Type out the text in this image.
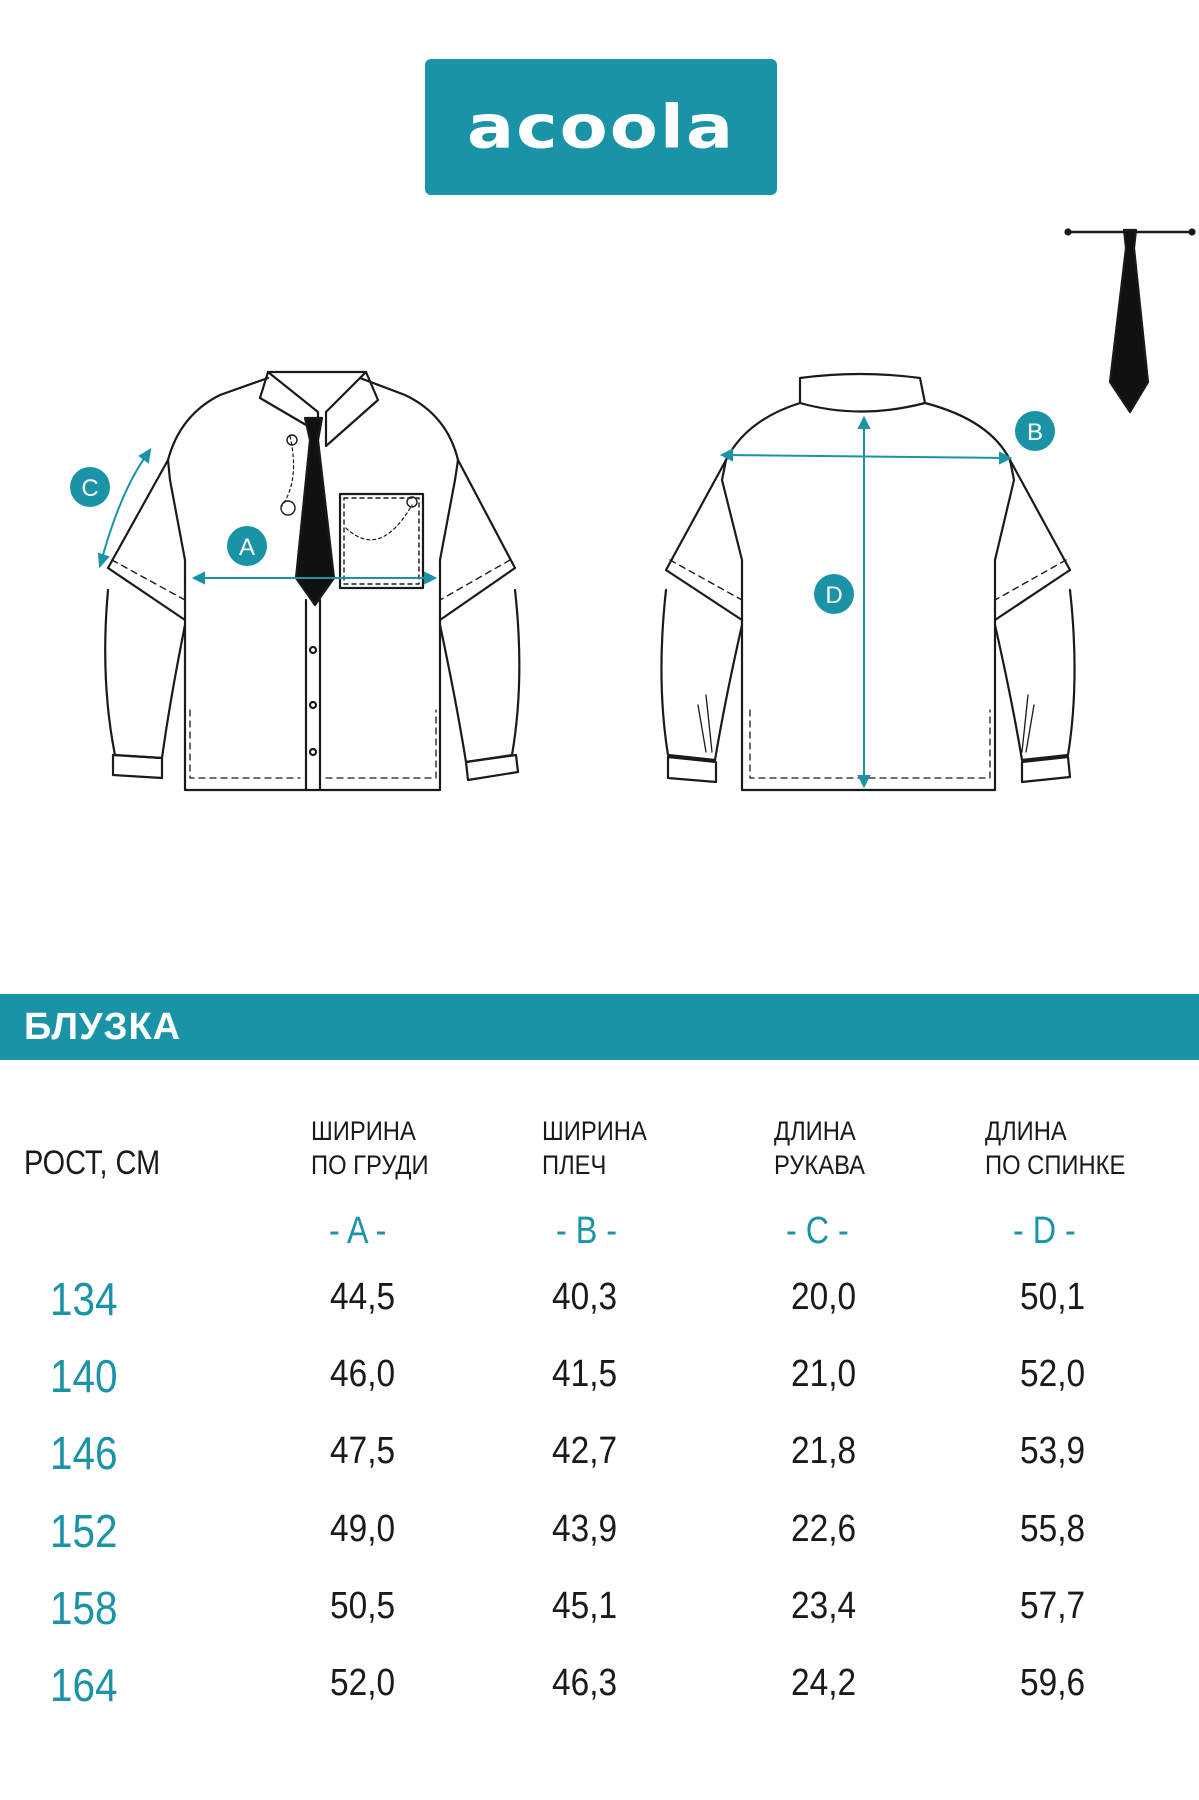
acoola
A
B
C
D
БЛУЗКА
РОСТ, СМ
ШИРИНА
ПО ГРУДИ
ШИРИНА
ПЛЕЧ
ДЛИНА
РУКАВА
ДЛИНА
ПО СПИНКЕ
- A -	- B -	- C -	- D -
134	44,5	40,3	20,0	50,1
140	46,0	41,5	21,0	52,0
146	47,5	42,7	21,8	53,9
152	49,0	43,9	22,6	55,8
158	50,5	45,1	23,4	57,7
164	52,0	46,3	24,2	59,6
